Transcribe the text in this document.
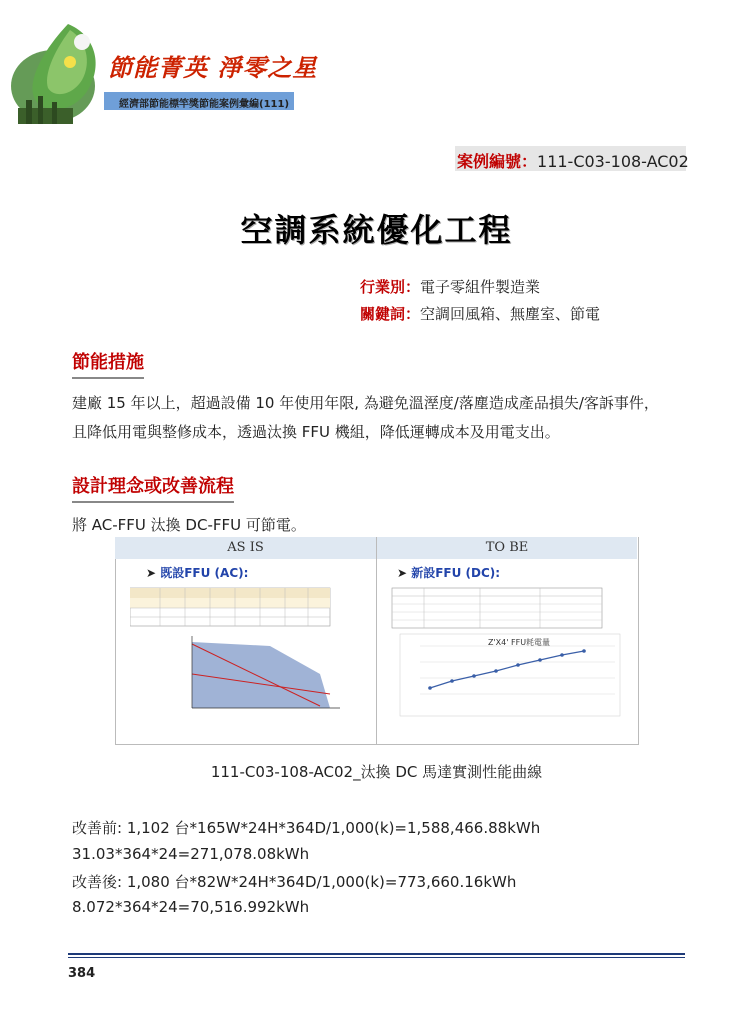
節能菁英 淨零之星
經濟部節能標竿獎節能案例彙編(111)
案例編號：111-C03-108-AC02
空調系統優化工程
行業別：電子零組件製造業
關鍵詞：空調回風箱、無塵室、節電
節能措施
建廠 15 年以上，超過設備 10 年使用年限, 為避免溫溼度/落塵造成產品損失/客訴事件，
且降低用電與整修成本，透過汰換 FFU 機組，降低運轉成本及用電支出。
設計理念或改善流程
將 AC-FFU 汰換 DC-FFU 可節電。
AS IS	TO BE
➤ 既設FFU (AC):	➤ 新設FFU (DC):
Z'X4' FFU耗電量
111-C03-108-AC02_汰換 DC 馬達實測性能曲線
改善前: 1,102 台*165W*24H*364D/1,000(k)=1,588,466.88kWh
31.03*364*24=271,078.08kWh
改善後: 1,080 台*82W*24H*364D/1,000(k)=773,660.16kWh
8.072*364*24=70,516.992kWh
384
